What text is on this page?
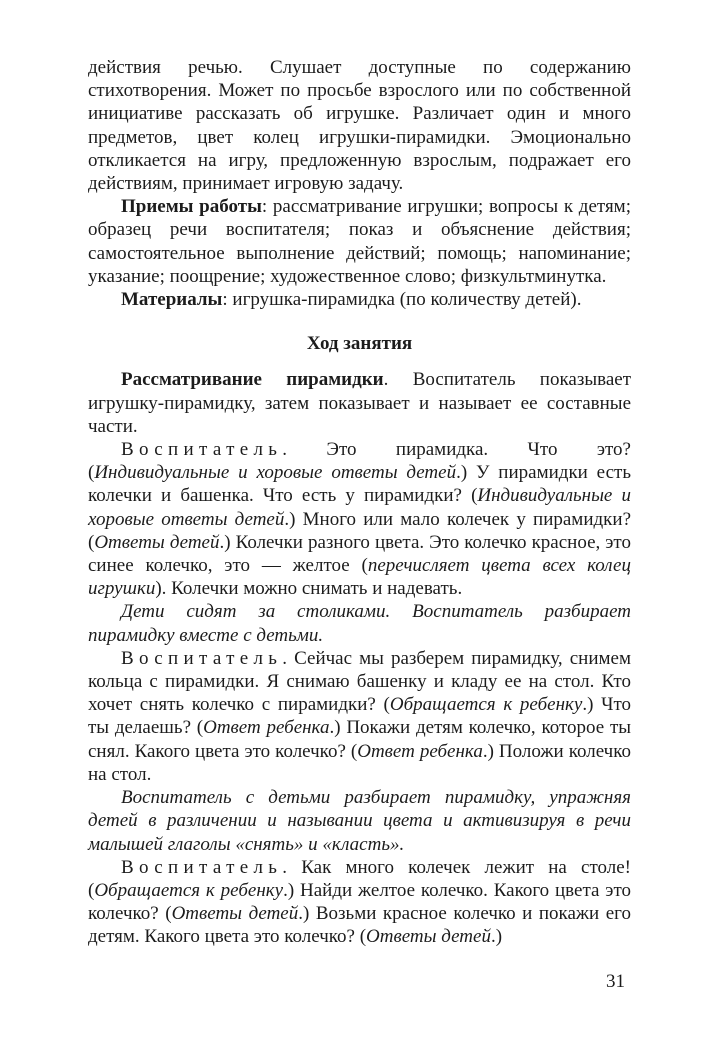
действия речью. Слушает доступные по содержанию стихотворения. Может по просьбе взрослого или по собственной инициативе рассказать об игрушке. Различает один и много предметов, цвет колец игрушки-пирамидки. Эмоционально откликается на игру, предложенную взрослым, подражает его действиям, принимает игровую задачу.

Приемы работы: рассматривание игрушки; вопросы к детям; образец речи воспитателя; показ и объяснение действия; самостоятельное выполнение действий; помощь; напоминание; указание; поощрение; художественное слово; физкультминутка.

Материалы: игрушка-пирамидка (по количеству детей).

Ход занятия

Рассматривание пирамидки. Воспитатель показывает игрушку-пирамидку, затем показывает и называет ее составные части.

Воспитатель. Это пирамидка. Что это? (Индивидуальные и хоровые ответы детей.) У пирамидки есть колечки и башенка. Что есть у пирамидки? (Индивидуальные и хоровые ответы детей.) Много или мало колечек у пирамидки? (Ответы детей.) Колечки разного цвета. Это колечко красное, это синее колечко, это — желтое (перечисляет цвета всех колец игрушки). Колечки можно снимать и надевать.

Дети сидят за столиками. Воспитатель разбирает пирамидку вместе с детьми.

Воспитатель. Сейчас мы разберем пирамидку, снимем кольца с пирамидки. Я снимаю башенку и кладу ее на стол. Кто хочет снять колечко с пирамидки? (Обращается к ребенку.) Что ты делаешь? (Ответ ребенка.) Покажи детям колечко, которое ты снял. Какого цвета это колечко? (Ответ ребенка.) Положи колечко на стол.

Воспитатель с детьми разбирает пирамидку, упражняя детей в различении и назывании цвета и активизируя в речи малышей глаголы «снять» и «класть».

Воспитатель. Как много колечек лежит на столе! (Обращается к ребенку.) Найди желтое колечко. Какого цвета это колечко? (Ответы детей.) Возьми красное колечко и покажи его детям. Какого цвета это колечко? (Ответы детей.)

31
